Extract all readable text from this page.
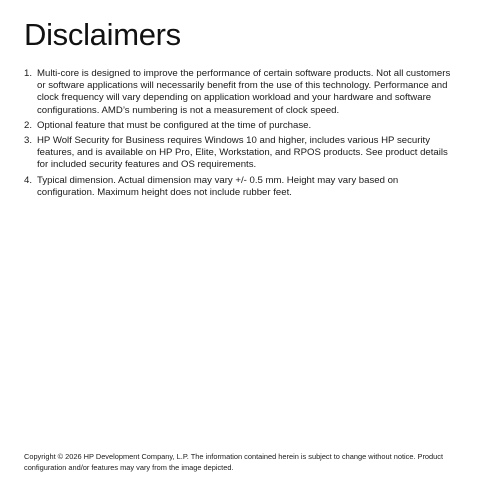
Disclaimers
1. Multi-core is designed to improve the performance of certain software products. Not all customers or software applications will necessarily benefit from the use of this technology. Performance and clock frequency will vary depending on application workload and your hardware and software configurations. AMD’s numbering is not a measurement of clock speed.
2. Optional feature that must be configured at the time of purchase.
3. HP Wolf Security for Business requires Windows 10 and higher, includes various HP security features, and is available on HP Pro, Elite, Workstation, and RPOS products. See product details for included security features and OS requirements.
4. Typical dimension. Actual dimension may vary +/- 0.5 mm. Height may vary based on configuration. Maximum height does not include rubber feet.

Copyright © 2026 HP Development Company, L.P. The information contained herein is subject to change without notice. Product configuration and/or features may vary from the image depicted.
